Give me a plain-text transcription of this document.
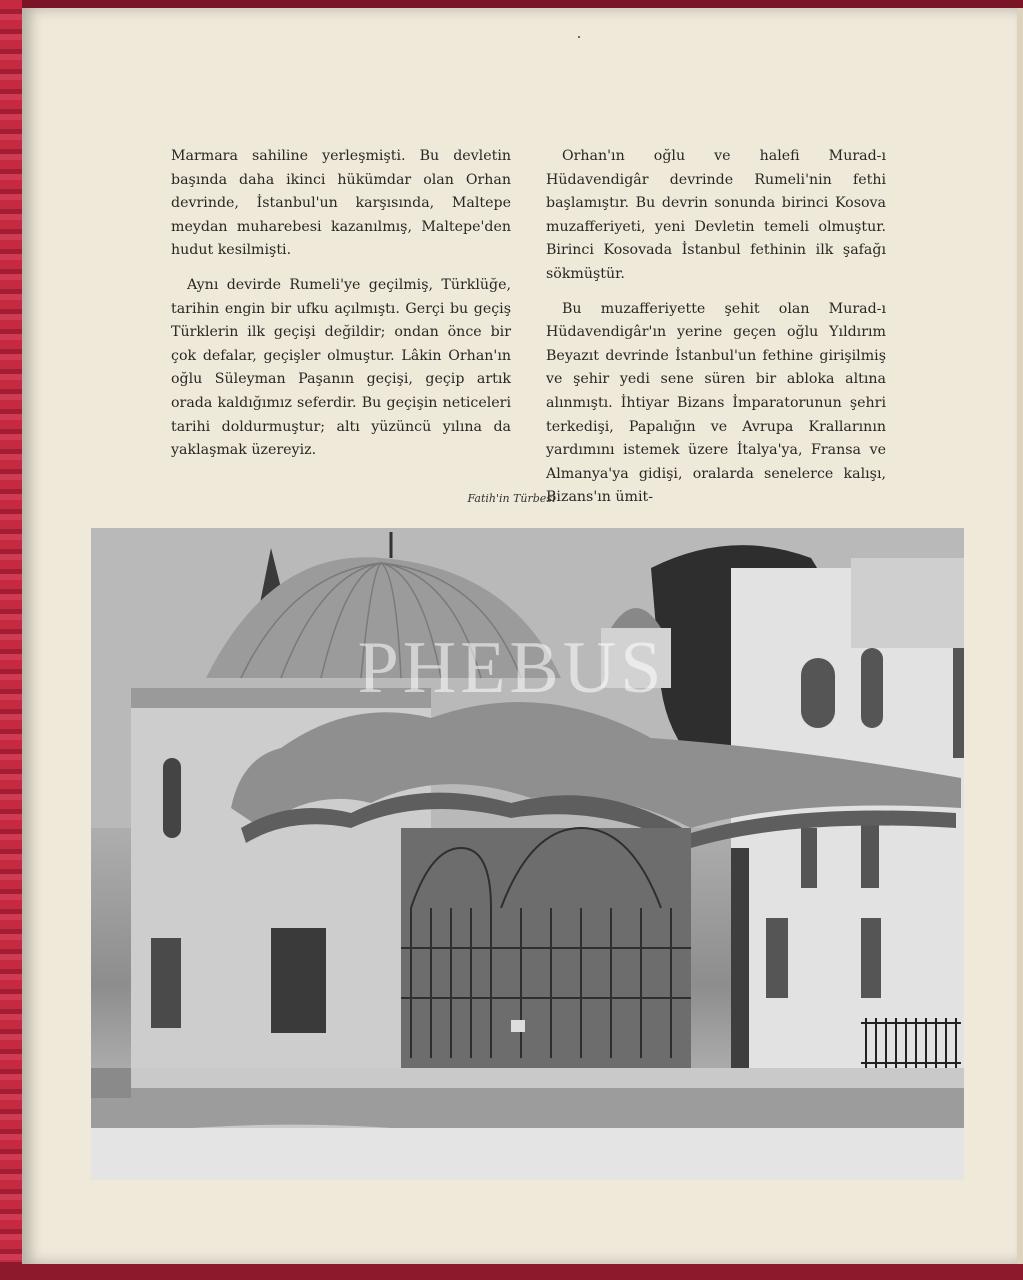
Marmara sahiline yerleşmişti. Bu devletin başında daha ikinci hükümdar olan Orhan devrinde, İstanbul'un karşısında, Maltepe meydan muharebesi kazanılmış, Maltepe'den hudut kesilmişti.

Aynı devirde Rumeli'ye geçilmiş, Türklüğe, tarihin engin bir ufku açılmıştı. Gerçi bu geçiş Türklerin ilk geçişi değildir; ondan önce bir çok defalar, geçişler olmuştur. Lâkin Orhan'ın oğlu Süleyman Paşanın geçişi, geçip artık orada kaldığımız seferdir. Bu geçişin neticeleri tarihi doldurmuştur; altı yüzüncü yılına da yaklaşmak üzereyiz.

Orhan'ın oğlu ve halefi Murad-ı Hüdavendigâr devrinde Rumeli'nin fethi başlamıştır. Bu devrin sonunda birinci Kosova muzafferiyeti, yeni Devletin temeli olmuştur. Birinci Kosovada İstanbul fethinin ilk şafağı sökmüştür.

Bu muzafferiyette şehit olan Murad-ı Hüdavendigâr'ın yerine geçen oğlu Yıldırım Beyazıt devrinde İstanbul'un fethine girişilmiş ve şehir yedi sene süren bir abloka altına alınmıştı. İhtiyar Bizans İmparatorunun şehri terkedişi, Papalığın ve Avrupa Krallarının yardımını istemek üzere İtalya'ya, Fransa ve Almanya'ya gidişi, oralarda senelerce kalışı, Bizans'ın ümit-

Fatih'in Türbesi
PHEBUS
